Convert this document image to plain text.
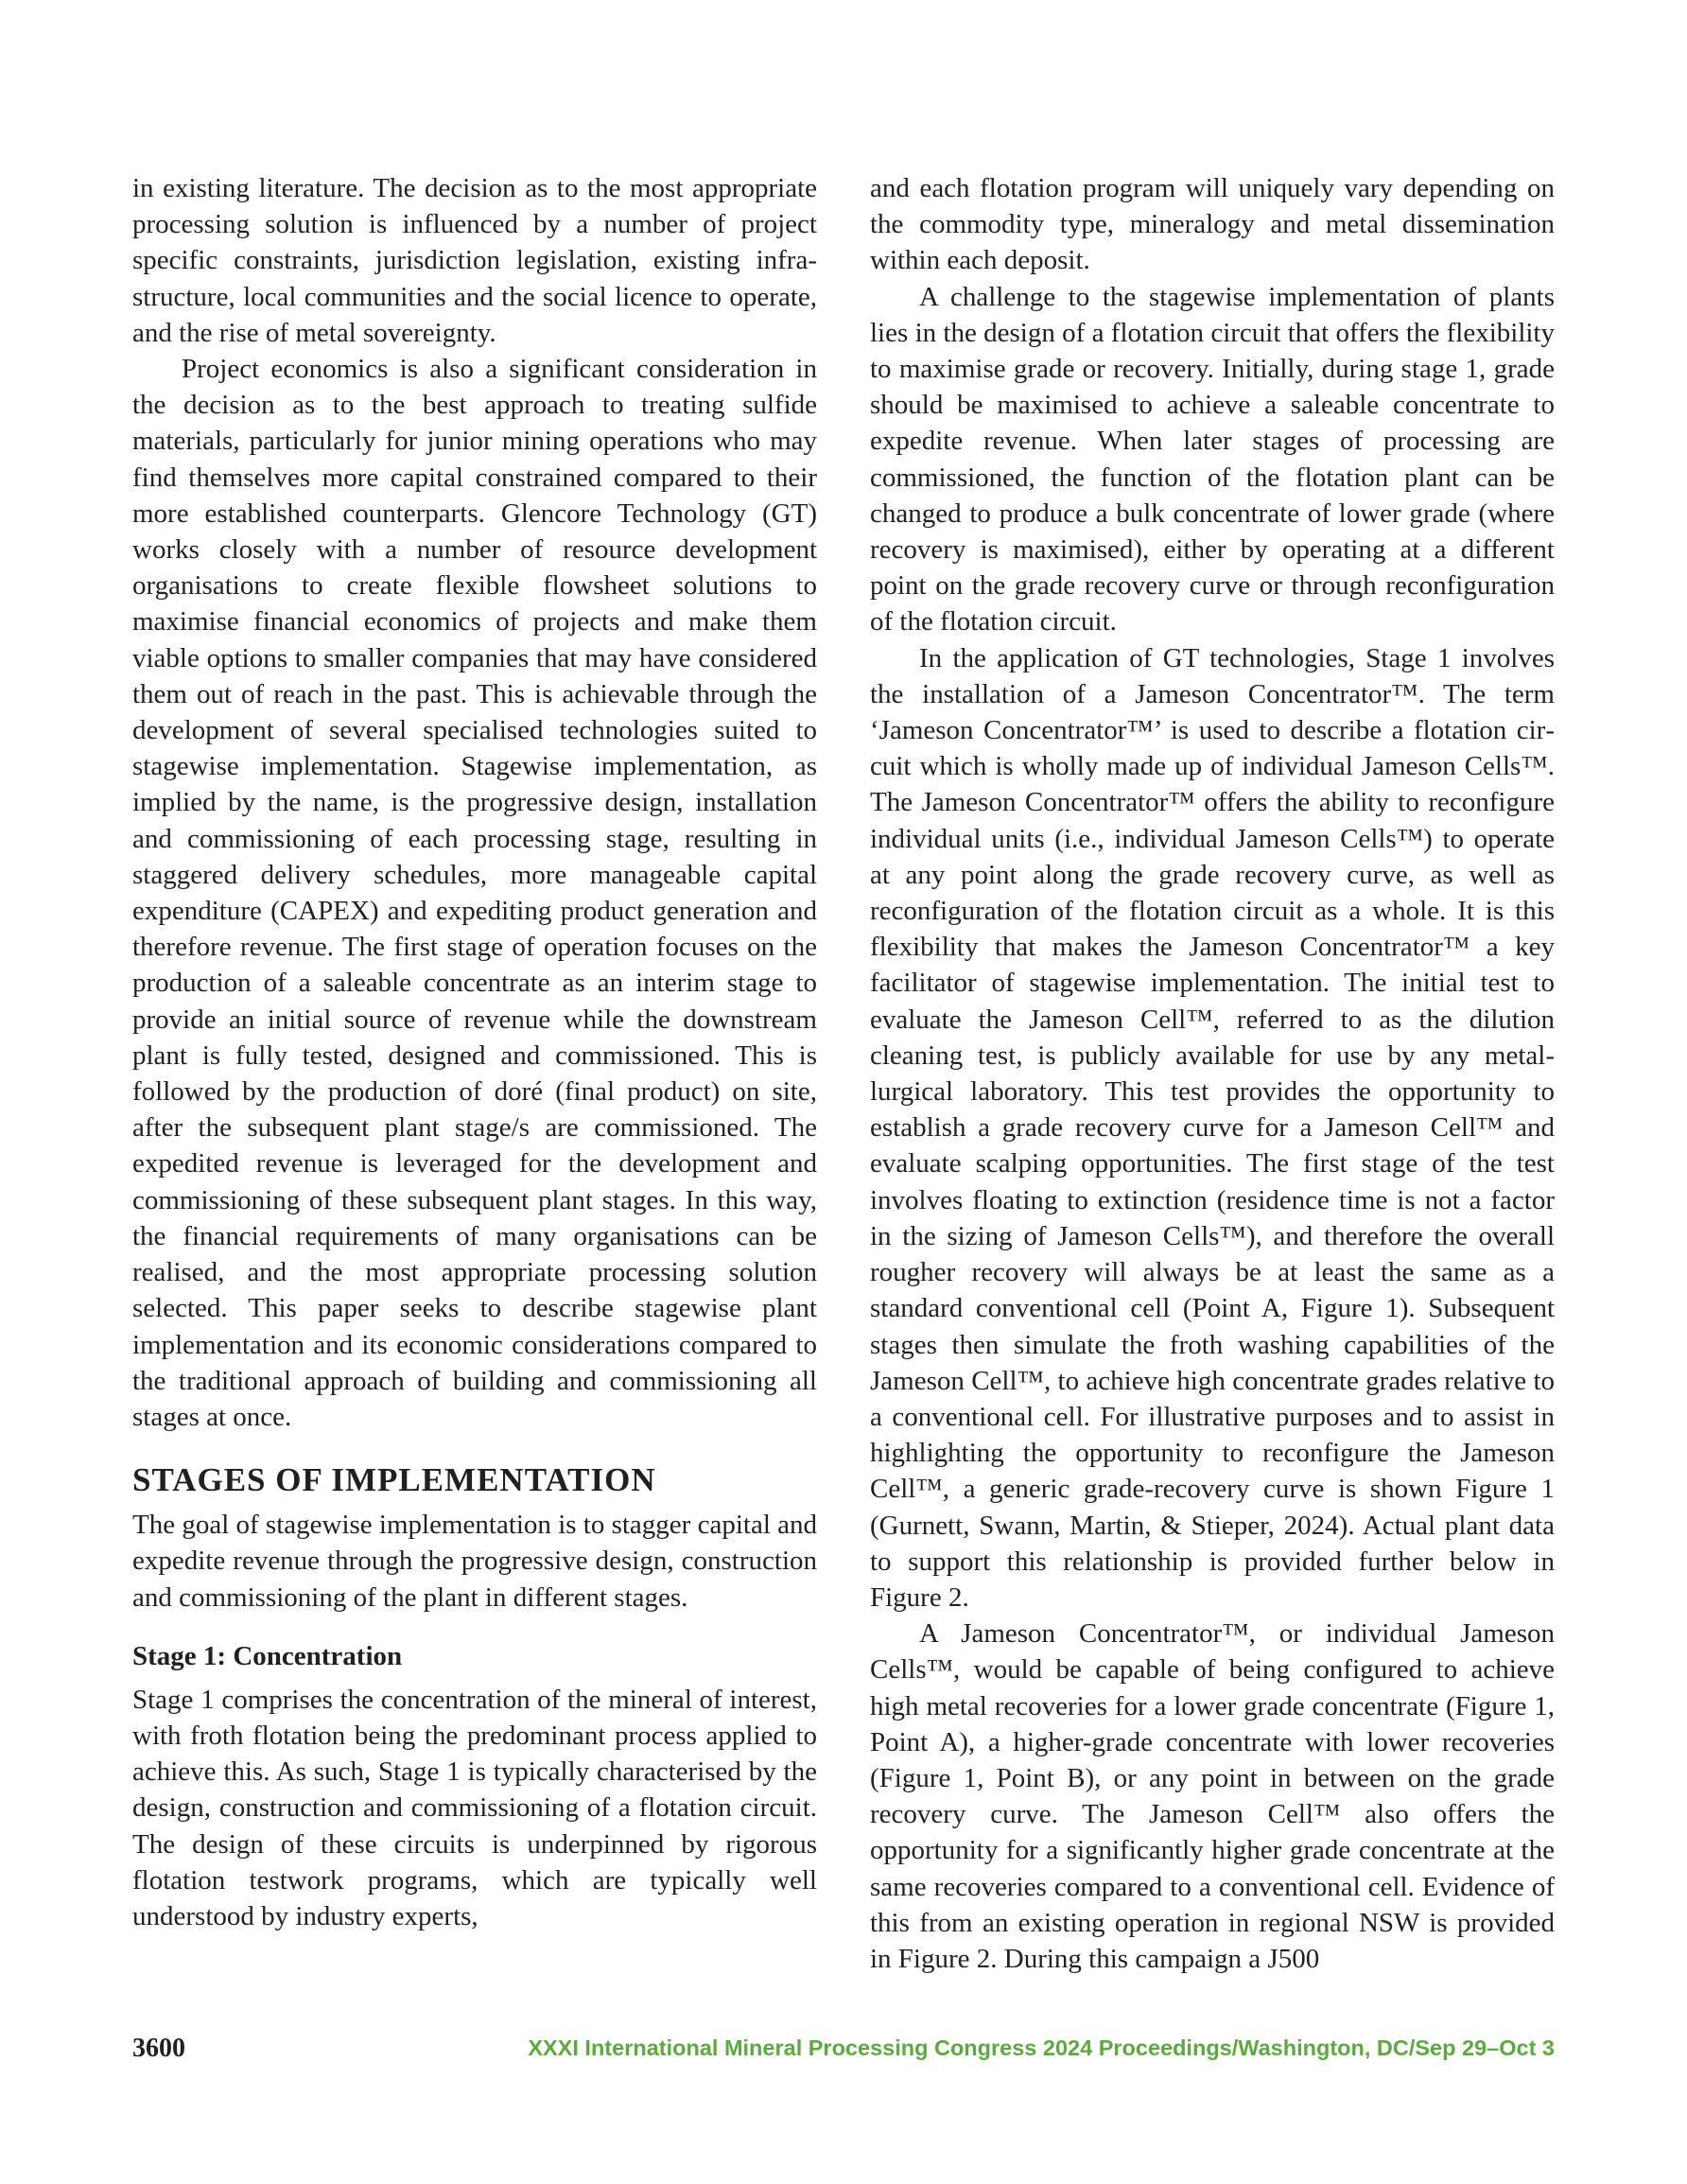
in existing literature. The decision as to the most appropriate processing solution is influenced by a number of project specific constraints, jurisdiction legislation, existing infrastructure, local communities and the social licence to operate, and the rise of metal sovereignty.

Project economics is also a significant consideration in the decision as to the best approach to treating sulfide materials, particularly for junior mining operations who may find themselves more capital constrained compared to their more established counterparts. Glencore Technology (GT) works closely with a number of resource development organisations to create flexible flowsheet solutions to maximise financial economics of projects and make them viable options to smaller companies that may have considered them out of reach in the past. This is achievable through the development of several specialised technologies suited to stagewise implementation. Stagewise implementation, as implied by the name, is the progressive design, installation and commissioning of each processing stage, resulting in staggered delivery schedules, more manageable capital expenditure (CAPEX) and expediting product generation and therefore revenue. The first stage of operation focuses on the production of a saleable concentrate as an interim stage to provide an initial source of revenue while the downstream plant is fully tested, designed and commissioned. This is followed by the production of doré (final product) on site, after the subsequent plant stage/s are commissioned. The expedited revenue is leveraged for the development and commissioning of these subsequent plant stages. In this way, the financial requirements of many organisations can be realised, and the most appropriate processing solution selected. This paper seeks to describe stagewise plant implementation and its economic considerations compared to the traditional approach of building and commissioning all stages at once.

STAGES OF IMPLEMENTATION

The goal of stagewise implementation is to stagger capital and expedite revenue through the progressive design, construction and commissioning of the plant in different stages.

Stage 1: Concentration

Stage 1 comprises the concentration of the mineral of interest, with froth flotation being the predominant process applied to achieve this. As such, Stage 1 is typically characterised by the design, construction and commissioning of a flotation circuit. The design of these circuits is underpinned by rigorous flotation testwork programs, which are typically well understood by industry experts,

and each flotation program will uniquely vary depending on the commodity type, mineralogy and metal dissemination within each deposit.

A challenge to the stagewise implementation of plants lies in the design of a flotation circuit that offers the flexibility to maximise grade or recovery. Initially, during stage 1, grade should be maximised to achieve a saleable concentrate to expedite revenue. When later stages of processing are commissioned, the function of the flotation plant can be changed to produce a bulk concentrate of lower grade (where recovery is maximised), either by operating at a different point on the grade recovery curve or through reconfiguration of the flotation circuit.

In the application of GT technologies, Stage 1 involves the installation of a Jameson Concentrator™. The term ‘Jameson Concentrator™’ is used to describe a flotation circuit which is wholly made up of individual Jameson Cells™. The Jameson Concentrator™ offers the ability to reconfigure individual units (i.e., individual Jameson Cells™) to operate at any point along the grade recovery curve, as well as reconfiguration of the flotation circuit as a whole. It is this flexibility that makes the Jameson Concentrator™ a key facilitator of stagewise implementation. The initial test to evaluate the Jameson Cell™, referred to as the dilution cleaning test, is publicly available for use by any metallurgical laboratory. This test provides the opportunity to establish a grade recovery curve for a Jameson Cell™ and evaluate scalping opportunities. The first stage of the test involves floating to extinction (residence time is not a factor in the sizing of Jameson Cells™), and therefore the overall rougher recovery will always be at least the same as a standard conventional cell (Point A, Figure 1). Subsequent stages then simulate the froth washing capabilities of the Jameson Cell™, to achieve high concentrate grades relative to a conventional cell. For illustrative purposes and to assist in highlighting the opportunity to reconfigure the Jameson Cell™, a generic grade-recovery curve is shown Figure 1 (Gurnett, Swann, Martin, & Stieper, 2024). Actual plant data to support this relationship is provided further below in Figure 2.

A Jameson Concentrator™, or individual Jameson Cells™, would be capable of being configured to achieve high metal recoveries for a lower grade concentrate (Figure 1, Point A), a higher-grade concentrate with lower recoveries (Figure 1, Point B), or any point in between on the grade recovery curve. The Jameson Cell™ also offers the opportunity for a significantly higher grade concentrate at the same recoveries compared to a conventional cell. Evidence of this from an existing operation in regional NSW is provided in Figure 2. During this campaign a J500

3600	XXXI International Mineral Processing Congress 2024 Proceedings/Washington, DC/Sep 29–Oct 3
